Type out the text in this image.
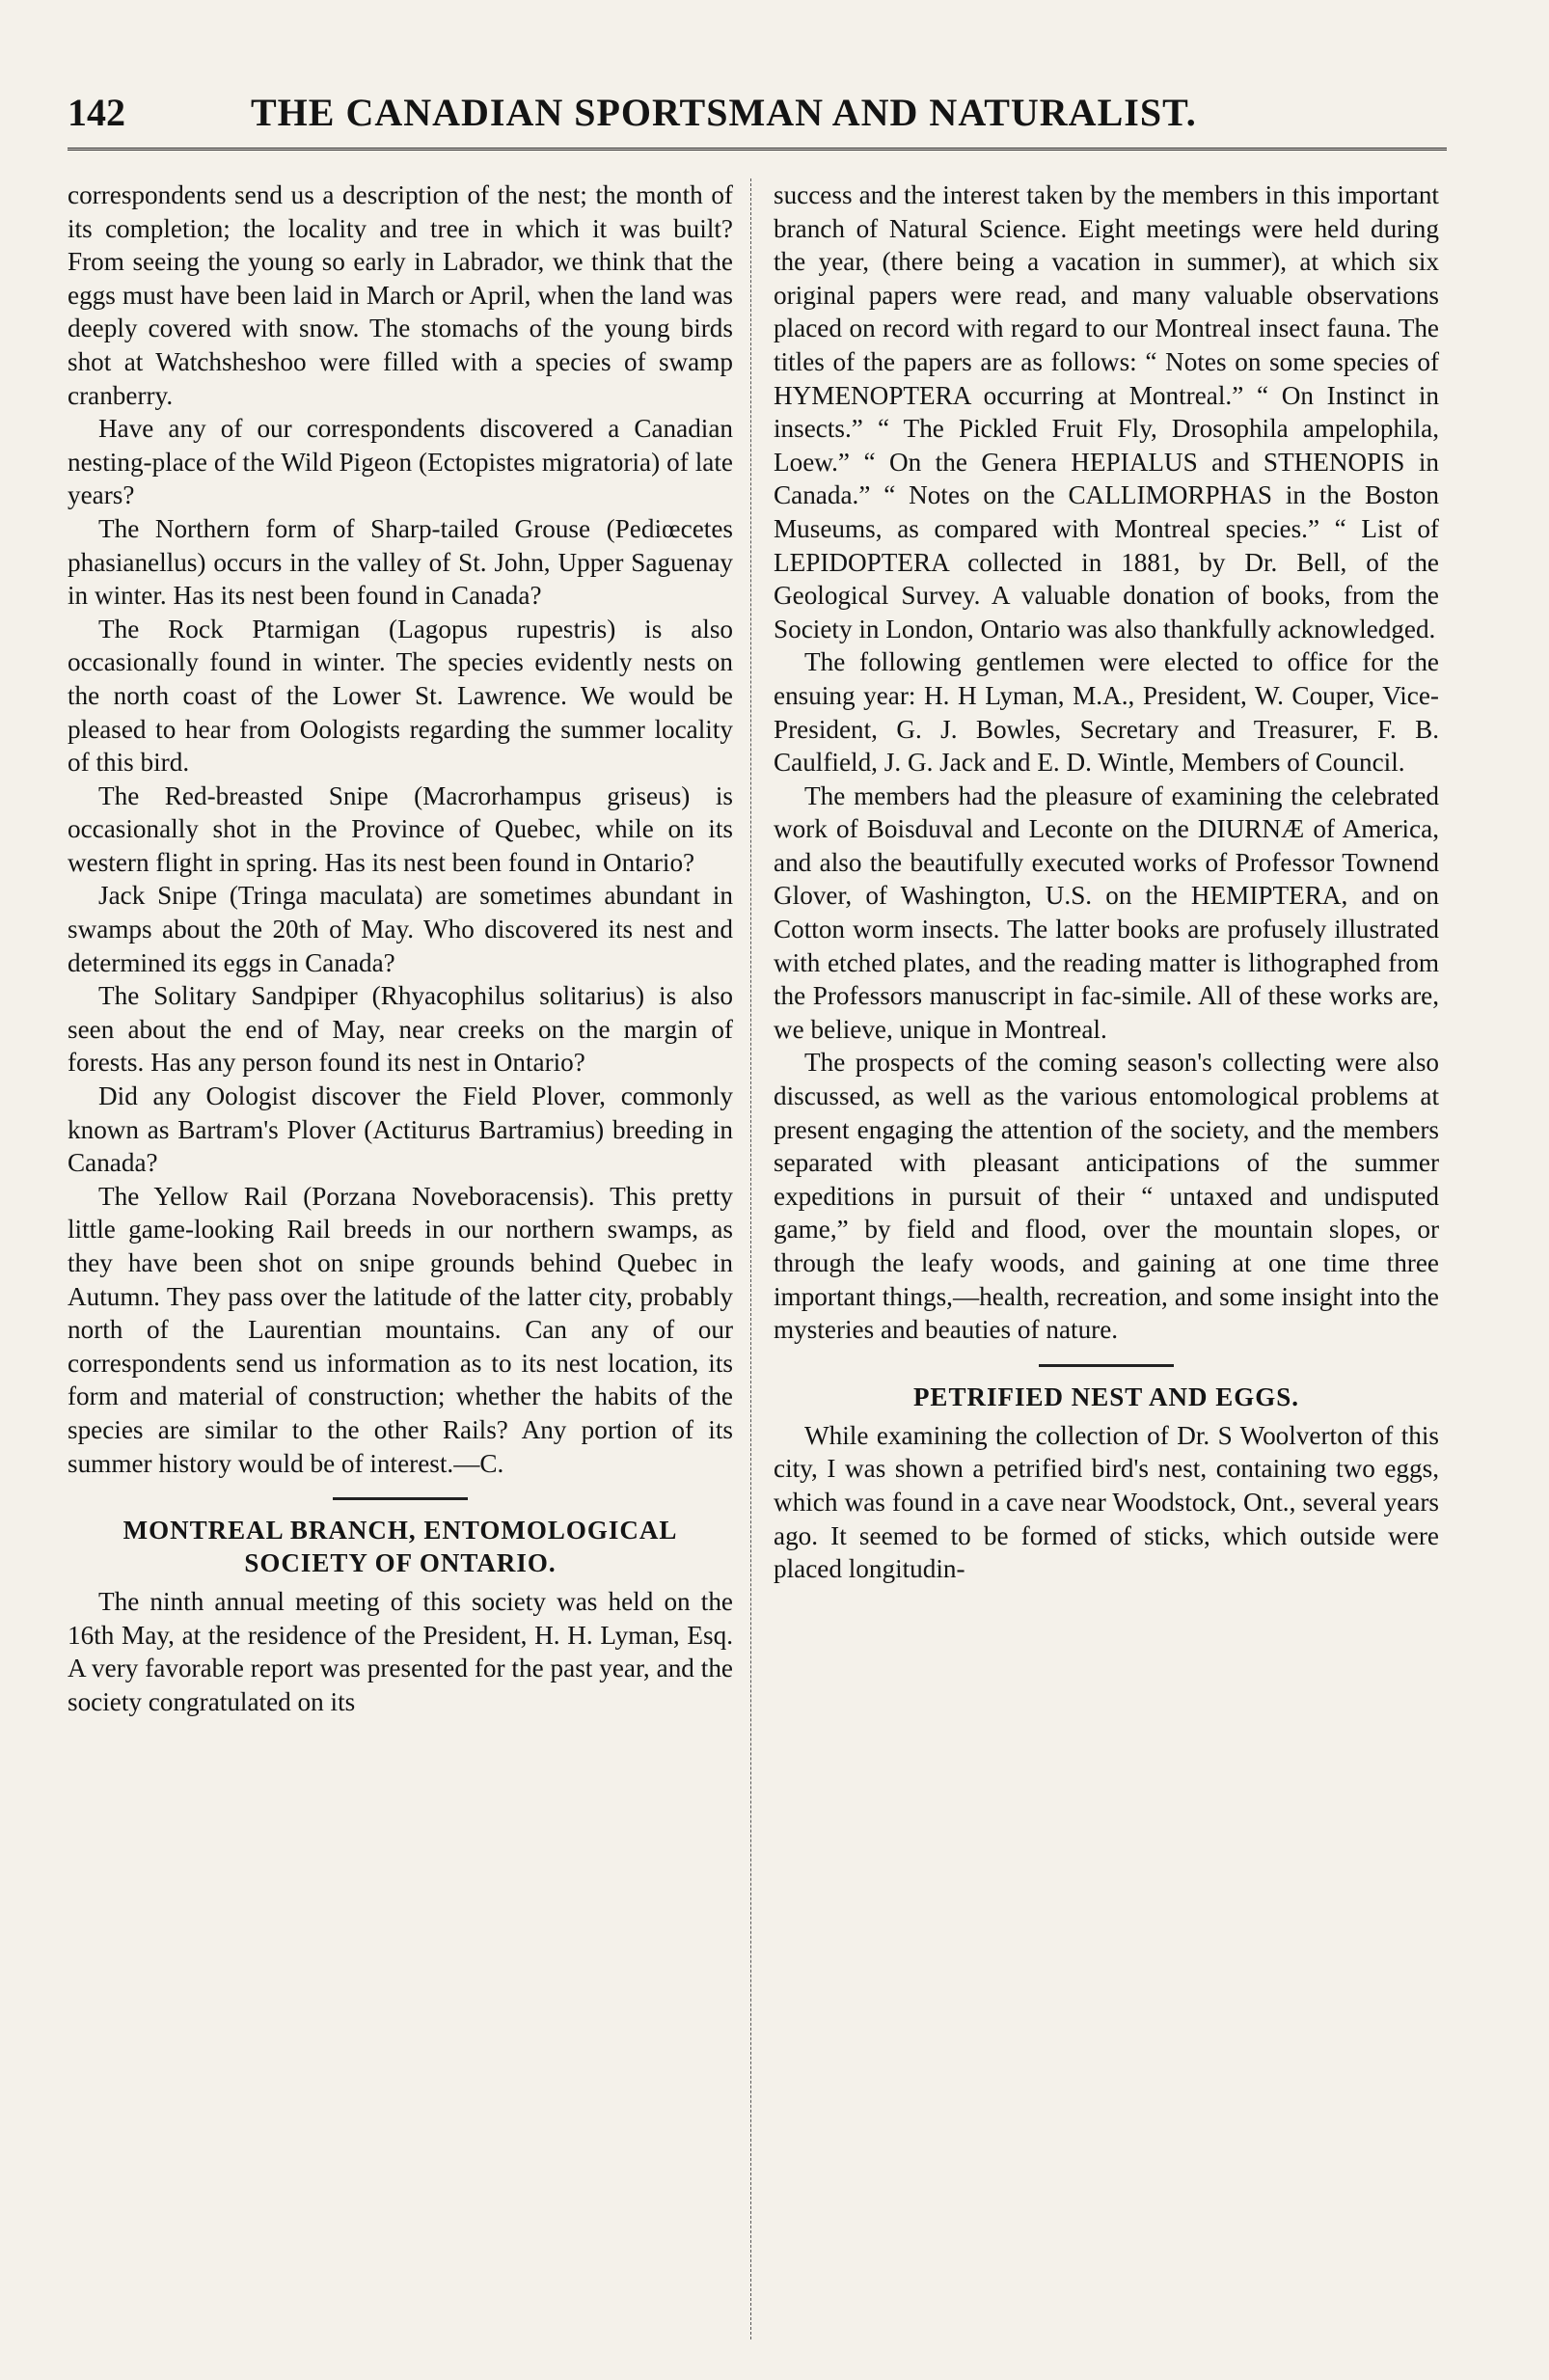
142	THE CANADIAN SPORTSMAN AND NATURALIST.

correspondents send us a description of the nest; the month of its completion; the locality and tree in which it was built? From seeing the young so early in Labrador, we think that the eggs must have been laid in March or April, when the land was deeply covered with snow. The stomachs of the young birds shot at Watchsheshoo were filled with a species of swamp cranberry.

Have any of our correspondents discovered a Canadian nesting-place of the Wild Pigeon (Ectopistes migratoria) of late years?

The Northern form of Sharp-tailed Grouse (Pediœcetes phasianellus) occurs in the valley of St. John, Upper Saguenay in winter. Has its nest been found in Canada?

The Rock Ptarmigan (Lagopus rupestris) is also occasionally found in winter. The species evidently nests on the north coast of the Lower St. Lawrence. We would be pleased to hear from Oologists regarding the summer locality of this bird.

The Red-breasted Snipe (Macrorhampus griseus) is occasionally shot in the Province of Quebec, while on its western flight in spring. Has its nest been found in Ontario?

Jack Snipe (Tringa maculata) are sometimes abundant in swamps about the 20th of May. Who discovered its nest and determined its eggs in Canada?

The Solitary Sandpiper (Rhyacophilus solitarius) is also seen about the end of May, near creeks on the margin of forests. Has any person found its nest in Ontario?

Did any Oologist discover the Field Plover, commonly known as Bartram's Plover (Actiturus Bartramius) breeding in Canada?

The Yellow Rail (Porzana Noveboracensis). This pretty little game-looking Rail breeds in our northern swamps, as they have been shot on snipe grounds behind Quebec in Autumn. They pass over the latitude of the latter city, probably north of the Laurentian mountains. Can any of our correspondents send us information as to its nest location, its form and material of construction; whether the habits of the species are similar to the other Rails? Any portion of its summer history would be of interest.—C.

MONTREAL BRANCH, ENTOMOLOGICAL
SOCIETY OF ONTARIO.

The ninth annual meeting of this society was held on the 16th May, at the residence of the President, H. H. Lyman, Esq. A very favorable report was presented for the past year, and the society congratulated on its

success and the interest taken by the members in this important branch of Natural Science. Eight meetings were held during the year, (there being a vacation in summer), at which six original papers were read, and many valuable observations placed on record with regard to our Montreal insect fauna. The titles of the papers are as follows: “ Notes on some species of HYMENOPTERA occurring at Montreal.” “ On Instinct in insects.” “ The Pickled Fruit Fly, Drosophila ampelophila, Loew.” “ On the Genera HEPIALUS and STHENOPIS in Canada.” “ Notes on the CALLIMORPHAS in the Boston Museums, as compared with Montreal species.” “ List of LEPIDOPTERA collected in 1881, by Dr. Bell, of the Geological Survey. A valuable donation of books, from the Society in London, Ontario was also thankfully acknowledged.

The following gentlemen were elected to office for the ensuing year: H. H Lyman, M.A., President, W. Couper, Vice-President, G. J. Bowles, Secretary and Treasurer, F. B. Caulfield, J. G. Jack and E. D. Wintle, Members of Council.

The members had the pleasure of examining the celebrated work of Boisduval and Leconte on the DIURNÆ of America, and also the beautifully executed works of Professor Townend Glover, of Washington, U.S. on the HEMIPTERA, and on Cotton worm insects. The latter books are profusely illustrated with etched plates, and the reading matter is lithographed from the Professors manuscript in fac-simile. All of these works are, we believe, unique in Montreal.

The prospects of the coming season's collecting were also discussed, as well as the various entomological problems at present engaging the attention of the society, and the members separated with pleasant anticipations of the summer expeditions in pursuit of their “ untaxed and undisputed game,” by field and flood, over the mountain slopes, or through the leafy woods, and gaining at one time three important things,—health, recreation, and some insight into the mysteries and beauties of nature.

PETRIFIED NEST AND EGGS.

While examining the collection of Dr. S Woolverton of this city, I was shown a petrified bird's nest, containing two eggs, which was found in a cave near Woodstock, Ont., several years ago. It seemed to be formed of sticks, which outside were placed longitudin-
